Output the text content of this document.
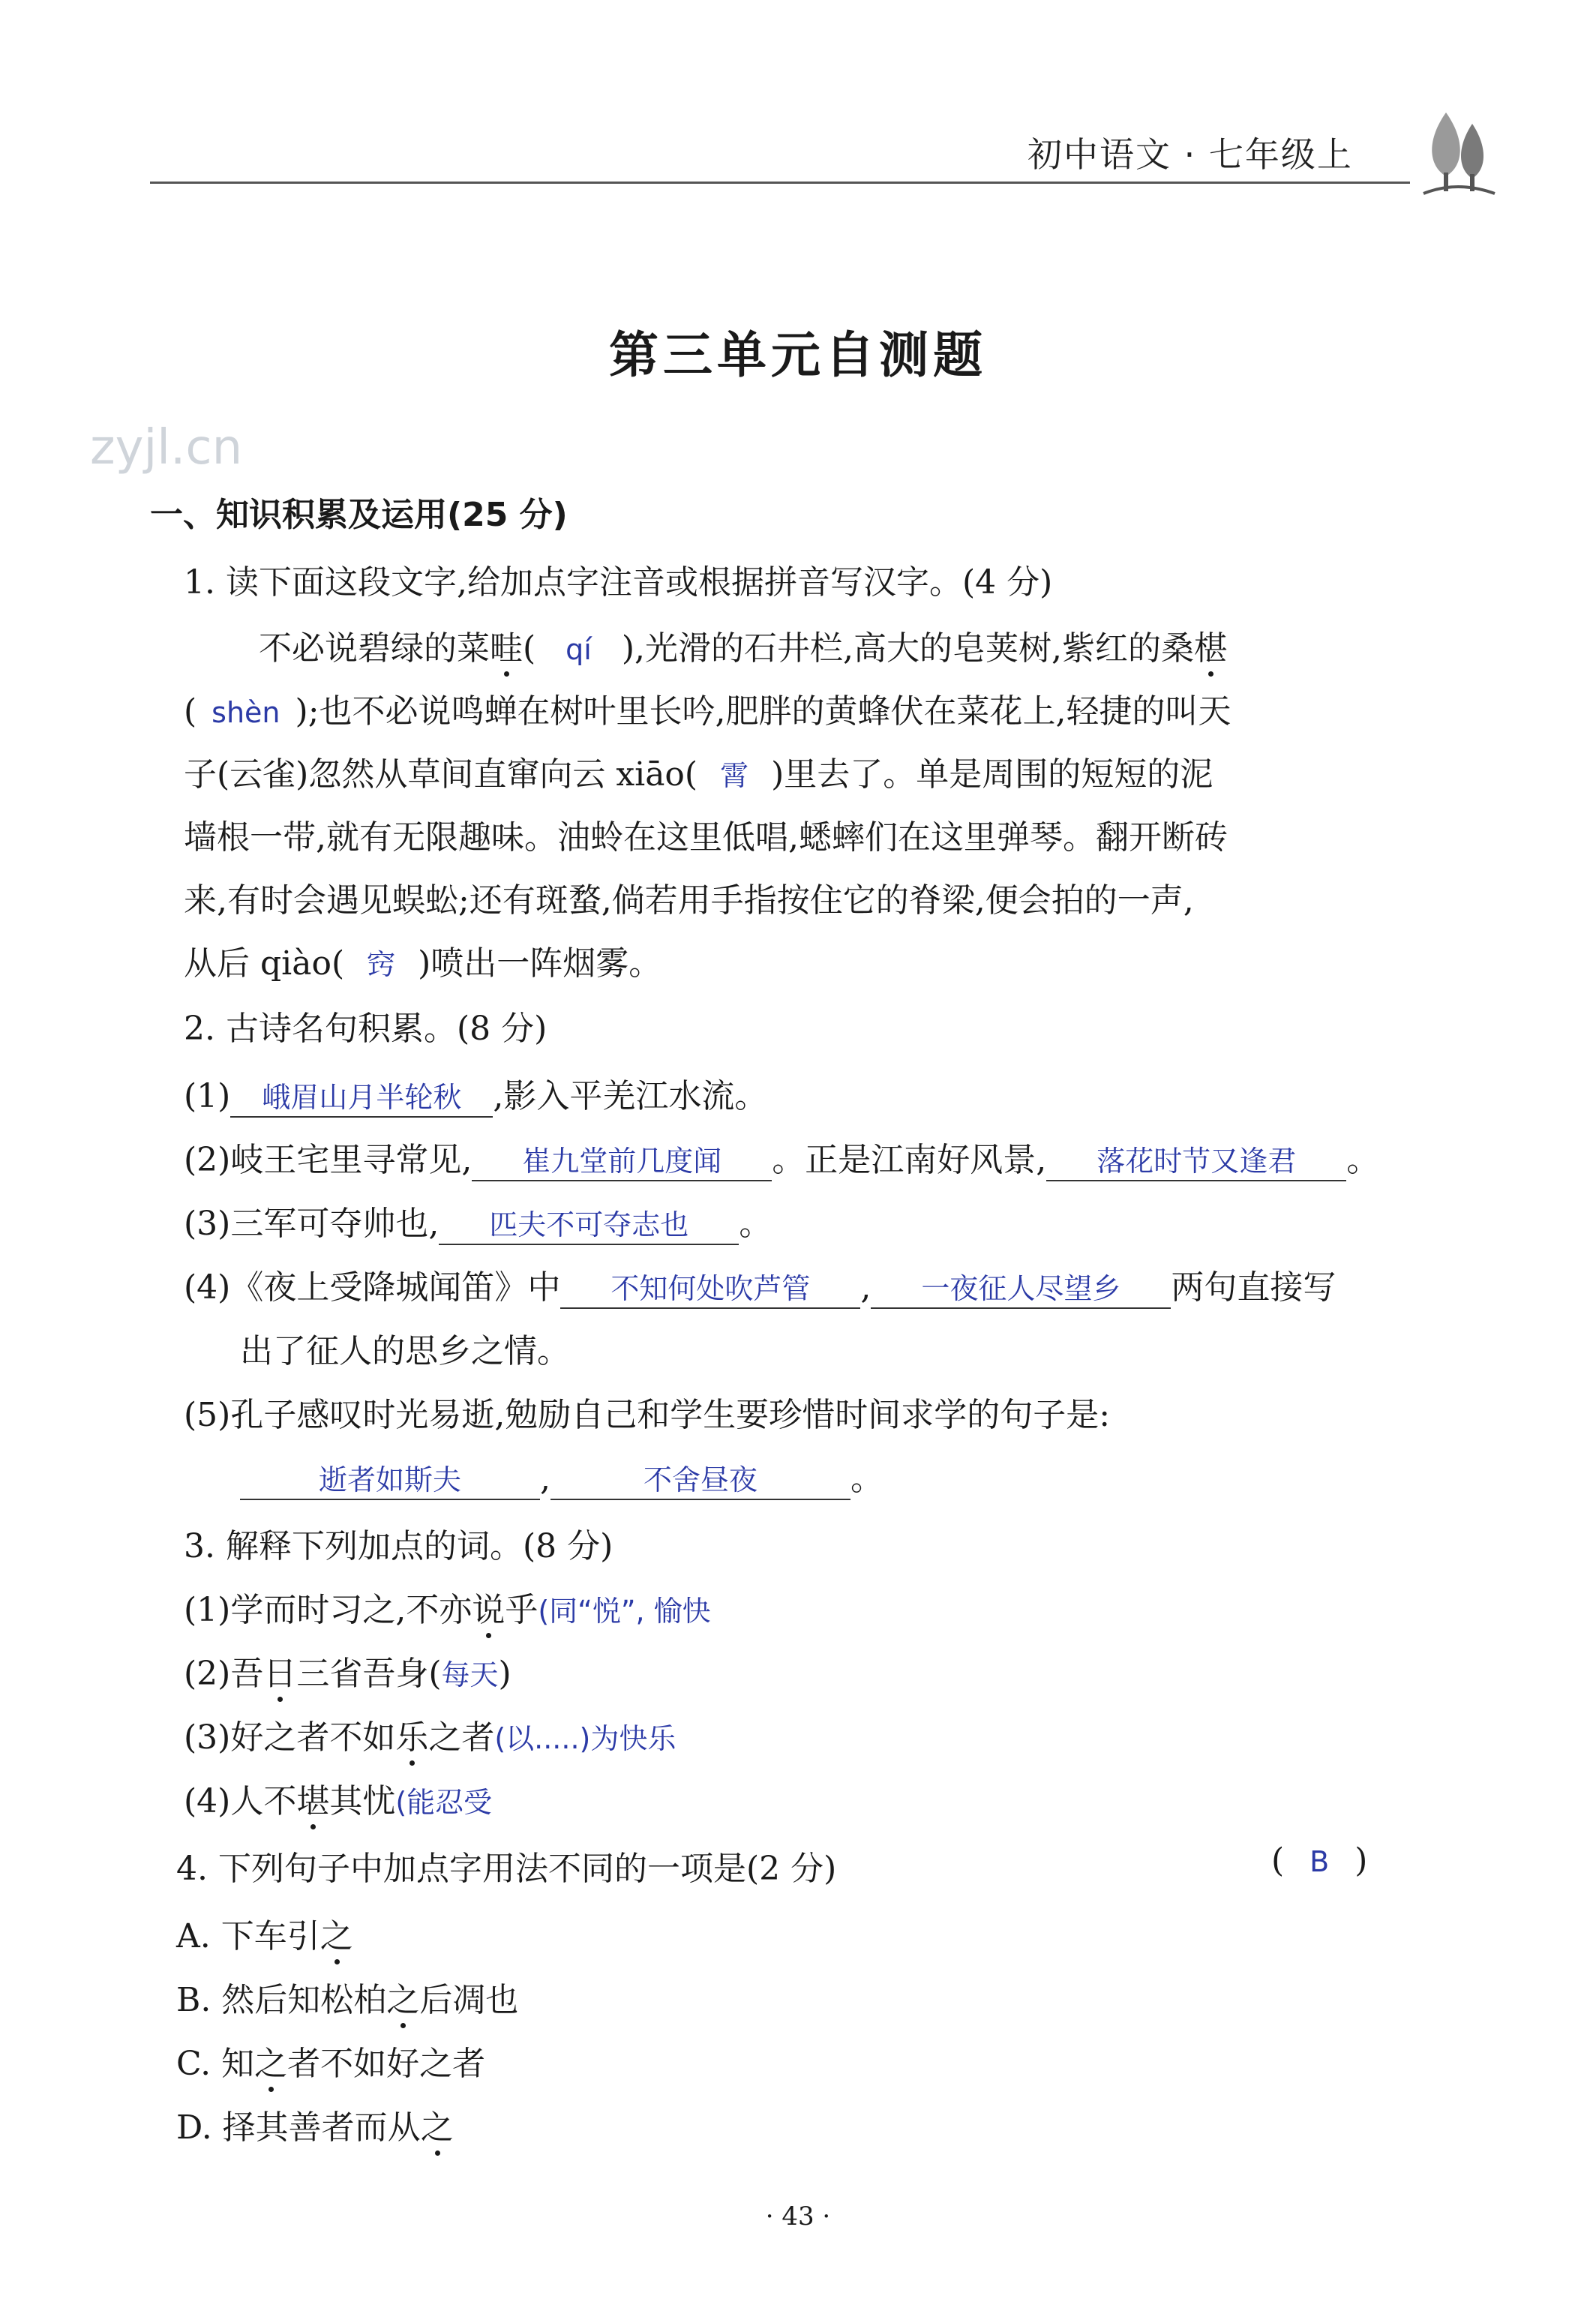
初中语文 · 七年级上
zyjl.cn
第三单元自测题
一、知识积累及运用(25 分)
1. 读下面这段文字,给加点字注音或根据拼音写汉字。(4 分)
不必说碧绿的菜畦( qí ),光滑的石井栏,高大的皂荚树,紫红的桑椹
( shèn );也不必说鸣蝉在树叶里长吟,肥胖的黄蜂伏在菜花上,轻捷的叫天
子(云雀)忽然从草间直窜向云 xiāo( 霄 )里去了。单是周围的短短的泥
墙根一带,就有无限趣味。油蛉在这里低唱,蟋蟀们在这里弹琴。翻开断砖
来,有时会遇见蜈蚣;还有斑蝥,倘若用手指按住它的脊梁,便会拍的一声,
从后 qiào( 窍 )喷出一阵烟雾。
2. 古诗名句积累。(8 分)
(1) 峨眉山月半轮秋 ,影入平羌江水流。
(2)岐王宅里寻常见, 崔九堂前几度闻 。正是江南好风景, 落花时节又逢君 。
(3)三军可夺帅也, 匹夫不可夺志也 。
(4)《夜上受降城闻笛》中 不知何处吹芦管 , 一夜征人尽望乡 两句直接写
出了征人的思乡之情。
(5)孔子感叹时光易逝,勉励自己和学生要珍惜时间求学的句子是:
逝者如斯夫 ,	不舍昼夜	。
3. 解释下列加点的词。(8 分)
(1)学而时习之,不亦说乎(同“悦”, 愉快
(2)吾日三省吾身(每天)
(3)好之者不如乐之者(以.....)为快乐
(4)人不堪其忧(能忍受
4. 下列句子中加点字用法不同的一项是(2 分)	( B )
A. 下车引之
B. 然后知松柏之后凋也
C. 知之者不如好之者
D. 择其善者而从之
· 43 ·
